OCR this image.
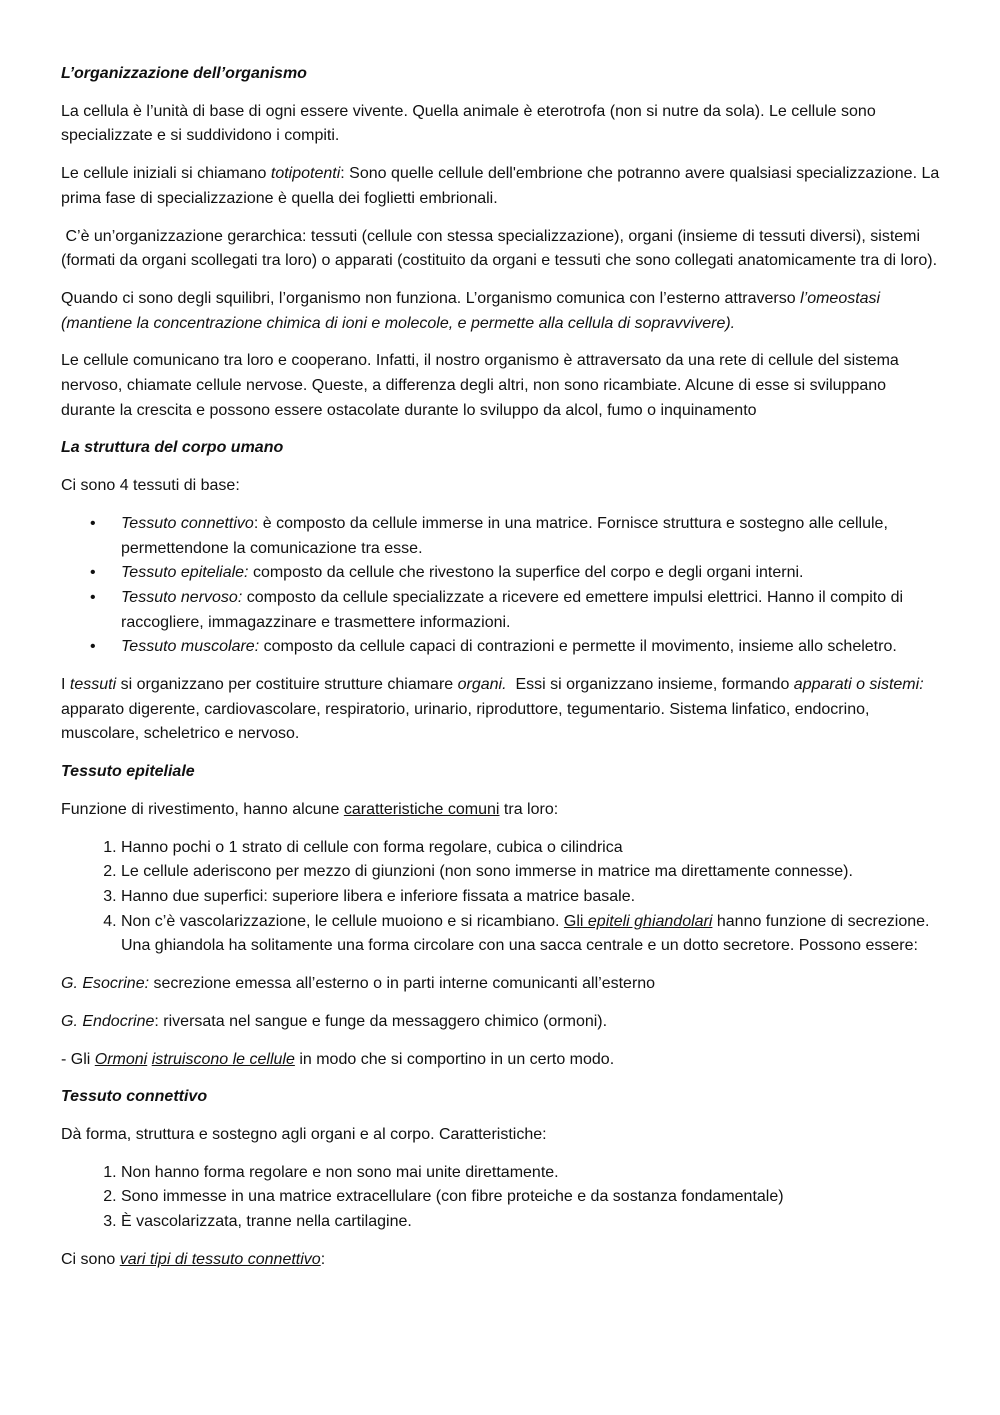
L’organizzazione dell’organismo

La cellula è l’unità di base di ogni essere vivente. Quella animale è eterotrofa (non si nutre da sola). Le cellule sono specializzate e si suddividono i compiti.

Le cellule iniziali si chiamano totipotenti: Sono quelle cellule dell'embrione che potranno avere qualsiasi specializzazione. La prima fase di specializzazione è quella dei foglietti embrionali.

C’è un’organizzazione gerarchica: tessuti (cellule con stessa specializzazione), organi (insieme di tessuti diversi), sistemi (formati da organi scollegati tra loro) o apparati (costituito da organi e tessuti che sono collegati anatomicamente tra di loro).

Quando ci sono degli squilibri, l’organismo non funziona. L’organismo comunica con l’esterno attraverso l’omeostasi (mantiene la concentrazione chimica di ioni e molecole, e permette alla cellula di sopravvivere).

Le cellule comunicano tra loro e cooperano. Infatti, il nostro organismo è attraversato da una rete di cellule del sistema nervoso, chiamate cellule nervose. Queste, a differenza degli altri, non sono ricambiate. Alcune di esse si sviluppano durante la crescita e possono essere ostacolate durante lo sviluppo da alcol, fumo o inquinamento

La struttura del corpo umano

Ci sono 4 tessuti di base:

• Tessuto connettivo: è composto da cellule immerse in una matrice. Fornisce struttura e sostegno alle cellule, permettendone la comunicazione tra esse.
• Tessuto epiteliale: composto da cellule che rivestono la superfice del corpo e degli organi interni.
• Tessuto nervoso: composto da cellule specializzate a ricevere ed emettere impulsi elettrici. Hanno il compito di raccogliere, immagazzinare e trasmettere informazioni.
• Tessuto muscolare: composto da cellule capaci di contrazioni e permette il movimento, insieme allo scheletro.

I tessuti si organizzano per costituire strutture chiamare organi.  Essi si organizzano insieme, formando apparati o sistemi: apparato digerente, cardiovascolare, respiratorio, urinario, riproduttore, tegumentario. Sistema linfatico, endocrino, muscolare, scheletrico e nervoso.

Tessuto epiteliale

Funzione di rivestimento, hanno alcune caratteristiche comuni tra loro:

1. Hanno pochi o 1 strato di cellule con forma regolare, cubica o cilindrica
2. Le cellule aderiscono per mezzo di giunzioni (non sono immerse in matrice ma direttamente connesse).
3. Hanno due superfici: superiore libera e inferiore fissata a matrice basale.
4. Non c’è vascolarizzazione, le cellule muoiono e si ricambiano. Gli epiteli ghiandolari hanno funzione di secrezione. Una ghiandola ha solitamente una forma circolare con una sacca centrale e un dotto secretore. Possono essere:

G. Esocrine: secrezione emessa all’esterno o in parti interne comunicanti all’esterno

G. Endocrine: riversata nel sangue e funge da messaggero chimico (ormoni).

- Gli Ormoni istruiscono le cellule in modo che si comportino in un certo modo.

Tessuto connettivo

Dà forma, struttura e sostegno agli organi e al corpo. Caratteristiche:

1. Non hanno forma regolare e non sono mai unite direttamente.
2. Sono immesse in una matrice extracellulare (con fibre proteiche e da sostanza fondamentale)
3. È vascolarizzata, tranne nella cartilagine.

Ci sono vari tipi di tessuto connettivo:
